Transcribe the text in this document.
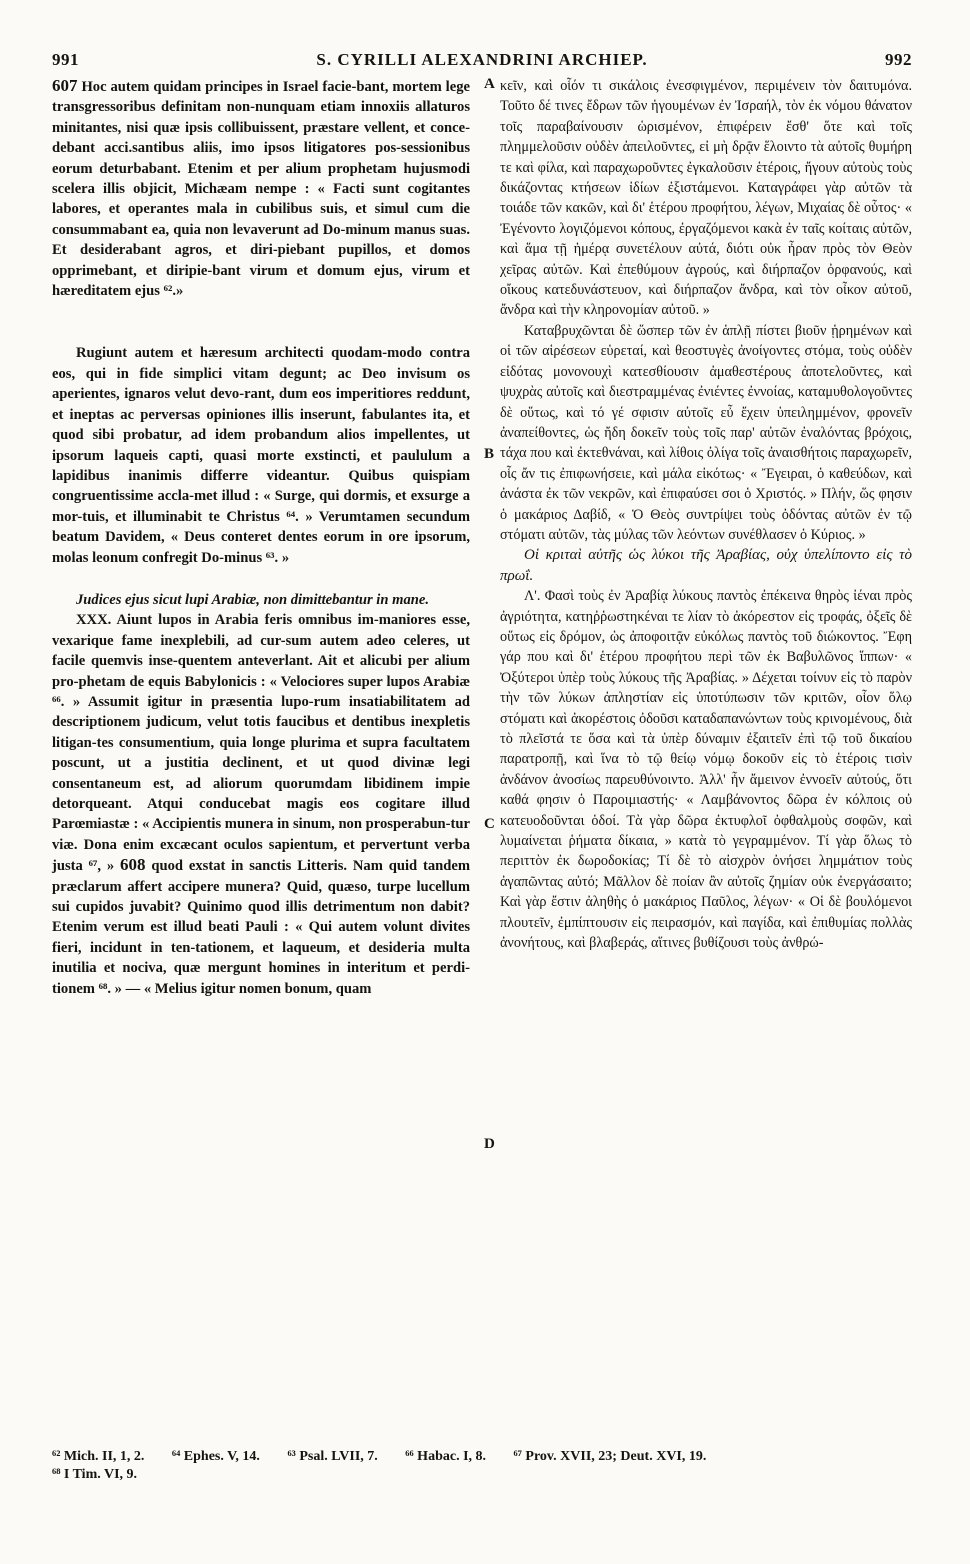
991	S. CYRILLI ALEXANDRINI ARCHIEP.	992
A
B
C
D

607 Hoc autem quidam principes in Israel facie-bant, mortem lege transgressoribus definitam non-nunquam etiam innoxiis allaturos minitantes, nisi quæ ipsis collibuissent, præstare vellent, et conce-debant acci.santibus aliis, imo ipsos litigatores pos-sessionibus eorum deturbabant. Etenim et per alium prophetam hujusmodi scelera illis objicit, Michæam nempe : « Facti sunt cogitantes labores, et operantes mala in cubilibus suis, et simul cum die consummabant ea, quia non levaverunt ad Do-minum manus suas. Et desiderabant agros, et diri-piebant pupillos, et domos opprimebant, et diripie-bant virum et domum ejus, virum et hæreditatem ejus ⁶².»

Rugiunt autem et hæresum architecti quodam-modo contra eos, qui in fide simplici vitam degunt; ac Deo invisum os aperientes, ignaros velut devo-rant, dum eos imperitiores reddunt, et ineptas ac perversas opiniones illis inserunt, fabulantes ita, et quod sibi probatur, ad idem probandum alios impellentes, ut ipsorum laqueis capti, quasi morte exstincti, et paululum a lapidibus inanimis differre videantur. Quibus quispiam congruentissime accla-met illud : « Surge, qui dormis, et exsurge a mor-tuis, et illuminabit te Christus ⁶⁴. » Verumtamen secundum beatum Davidem, « Deus conteret dentes eorum in ore ipsorum, molas leonum confregit Do-minus ⁶³. »

Judices ejus sicut lupi Arabiæ, non dimittebantur in mane.

XXX. Aiunt lupos in Arabia feris omnibus im-maniores esse, vexarique fame inexplebili, ad cur-sum autem adeo celeres, ut facile quemvis inse-quentem anteverlant. Ait et alicubi per alium pro-phetam de equis Babylonicis : « Velociores super lupos Arabiæ ⁶⁶. » Assumit igitur in præsentia lupo-rum insatiabilitatem ad descriptionem judicum, velut totis faucibus et dentibus inexpletis litigan-tes consumentium, quia longe plurima et supra facultatem poscunt, ut a justitia declinent, et ut quod divinæ legi consentaneum est, ad aliorum quorumdam libidinem impie detorqueant. Atqui conducebat magis eos cogitare illud Parœmiastæ : « Accipientis munera in sinum, non prosperabun-tur viæ. Dona enim excæcant oculos sapientum, et pervertunt verba justa ⁶⁷, » 608 quod exstat in sanctis Litteris. Nam quid tandem præclarum affert accipere munera? Quid, quæso, turpe lucellum sui cupidos juvabit? Quinimo quod illis detrimentum non dabit? Etenim verum est illud beati Pauli : « Qui autem volunt divites fieri, incidunt in ten-tationem, et laqueum, et desideria multa inutilia et nociva, quæ mergunt homines in interitum et perdi-tionem ⁶⁸. » — « Melius igitur nomen bonum, quam

κεῖν, καὶ οἷόν τι σικάλοις ἐνεσφιγμένον, περιμένειν τὸν δαιτυμόνα. Τοῦτο δέ τινες ἔδρων τῶν ἡγουμένων ἐν Ἰσραήλ, τὸν ἐκ νόμου θάνατον τοῖς παραβαίνουσιν ὡρισμένον, ἐπιφέρειν ἔσθ' ὅτε καὶ τοῖς πλημμελοῦσιν οὐδὲν ἀπειλοῦντες, εἰ μὴ δρᾷν ἕλοιντο τὰ αὐτοῖς θυμήρη τε καὶ φίλα, καὶ παραχωροῦντες ἐγκαλοῦσιν ἑτέροις, ἤγουν αὐτοὺς τοὺς δικάζοντας κτήσεων ἰδίων ἐξιστάμενοι. Καταγράφει γὰρ αὐτῶν τὰ τοιάδε τῶν κακῶν, καὶ δι' ἑτέρου προφήτου, λέγων, Μιχαίας δὲ οὗτος· « Ἐγένοντο λογιζόμενοι κόπους, ἐργαζόμενοι κακὰ ἐν ταῖς κοίταις αὐτῶν, καὶ ἅμα τῇ ἡμέρᾳ συνετέλουν αὐτά, διότι οὐκ ἦραν πρὸς τὸν Θεὸν χεῖρας αὐτῶν. Καὶ ἐπεθύμουν ἀγρούς, καὶ διήρπαζον ὀρφανούς, καὶ οἴκους κατεδυνάστευον, καὶ διήρπαζον ἄνδρα, καὶ τὸν οἶκον αὐτοῦ, ἄνδρα καὶ τὴν κληρονομίαν αὐτοῦ. »

Καταβρυχῶνται δὲ ὥσπερ τῶν ἐν ἁπλῇ πίστει βιοῦν ᾑρημένων καὶ οἱ τῶν αἱρέσεων εὑρεταί, καὶ θεοστυγὲς ἀνοίγοντες στόμα, τοὺς οὐδὲν εἰδότας μονονουχὶ κατεσθίουσιν ἀμαθεστέρους ἀποτελοῦντες, καὶ ψυχρὰς αὐτοῖς καὶ διεστραμμένας ἐνιέντες ἐννοίας, καταμυθολογοῦντες δὲ οὕτως, καὶ τό γέ σφισιν αὐτοῖς εὖ ἔχειν ὑπειλημμένον, φρονεῖν ἀναπείθοντες, ὡς ἤδη δοκεῖν τοὺς τοῖς παρ' αὐτῶν ἐναλόντας βρόχοις, τάχα που καὶ ἐκτεθνάναι, καὶ λίθοις ὀλίγα τοῖς ἀναισθήτοις παραχωρεῖν, οἷς ἄν τις ἐπιφωνήσειε, καὶ μάλα εἰκότως· « Ἔγειραι, ὁ καθεύδων, καὶ ἀνάστα ἐκ τῶν νεκρῶν, καὶ ἐπιφαύσει σοι ὁ Χριστός. » Πλήν, ὥς φησιν ὁ μακάριος Δαβίδ, « Ὁ Θεὸς συντρίψει τοὺς ὀδόντας αὐτῶν ἐν τῷ στόματι αὐτῶν, τὰς μύλας τῶν λεόντων συνέθλασεν ὁ Κύριος. »

Οἱ κριταὶ αὐτῆς ὡς λύκοι τῆς Ἀραβίας, οὐχ ὑπελίποντο εἰς τὸ πρωΐ.

Λ'. Φασὶ τοὺς ἐν Ἀραβίᾳ λύκους παντὸς ἐπέκεινα θηρὸς ἰέναι πρὸς ἀγριότητα, κατηῤῥωστηκέναι τε λίαν τὸ ἀκόρεστον εἰς τροφάς, ὀξεῖς δὲ οὕτως εἰς δρόμον, ὡς ἀποφοιτᾷν εὐκόλως παντὸς τοῦ διώκοντος. Ἔφη γάρ που καὶ δι' ἑτέρου προφήτου περὶ τῶν ἐκ Βαβυλῶνος ἵππων· « Ὀξύτεροι ὑπὲρ τοὺς λύκους τῆς Ἀραβίας. » Δέχεται τοίνυν εἰς τὸ παρὸν τὴν τῶν λύκων ἀπληστίαν εἰς ὑποτύπωσιν τῶν κριτῶν, οἷον ὅλῳ στόματι καὶ ἀκορέστοις ὀδοῦσι καταδαπανώντων τοὺς κρινομένους, διὰ τὸ πλεῖστά τε ὅσα καὶ τὰ ὑπὲρ δύναμιν ἐξαιτεῖν ἐπὶ τῷ τοῦ δικαίου παρατροπῇ, καὶ ἵνα τὸ τῷ θείῳ νόμῳ δοκοῦν εἰς τὸ ἑτέροις τισὶν ἀνδάνον ἀνοσίως παρευθύνοιντο. Ἀλλ' ἦν ἄμεινον ἐννοεῖν αὐτούς, ὅτι καθά φησιν ὁ Παροιμιαστής· « Λαμβάνοντος δῶρα ἐν κόλποις οὐ κατευοδοῦνται ὁδοί. Τὰ γὰρ δῶρα ἐκτυφλοῖ ὀφθαλμοὺς σοφῶν, καὶ λυμαίνεται ῥήματα δίκαια, » κατὰ τὸ γεγραμμένον. Τί γὰρ ὅλως τὸ περιττὸν ἐκ δωροδοκίας; Τί δὲ τὸ αἰσχρὸν ὀνήσει λημμάτιον τοὺς ἀγαπῶντας αὐτό; Μᾶλλον δὲ ποίαν ἂν αὐτοῖς ζημίαν οὐκ ἐνεργάσαιτο; Καὶ γὰρ ἔστιν ἀληθὴς ὁ μακάριος Παῦλος, λέγων· « Οἱ δὲ βουλόμενοι πλουτεῖν, ἐμπίπτουσιν εἰς πειρασμόν, καὶ παγίδα, καὶ ἐπιθυμίας πολλὰς ἀνονήτους, καὶ βλαβεράς, αἵτινες βυθίζουσι τοὺς ἀνθρώ-

⁶² Mich. II, 1, 2. ⁶⁴ Ephes. V, 14. ⁶³ Psal. LVII, 7. ⁶⁶ Habac. I, 8. ⁶⁷ Prov. XVII, 23; Deut. XVI, 19.
⁶⁸ I Tim. VI, 9.
